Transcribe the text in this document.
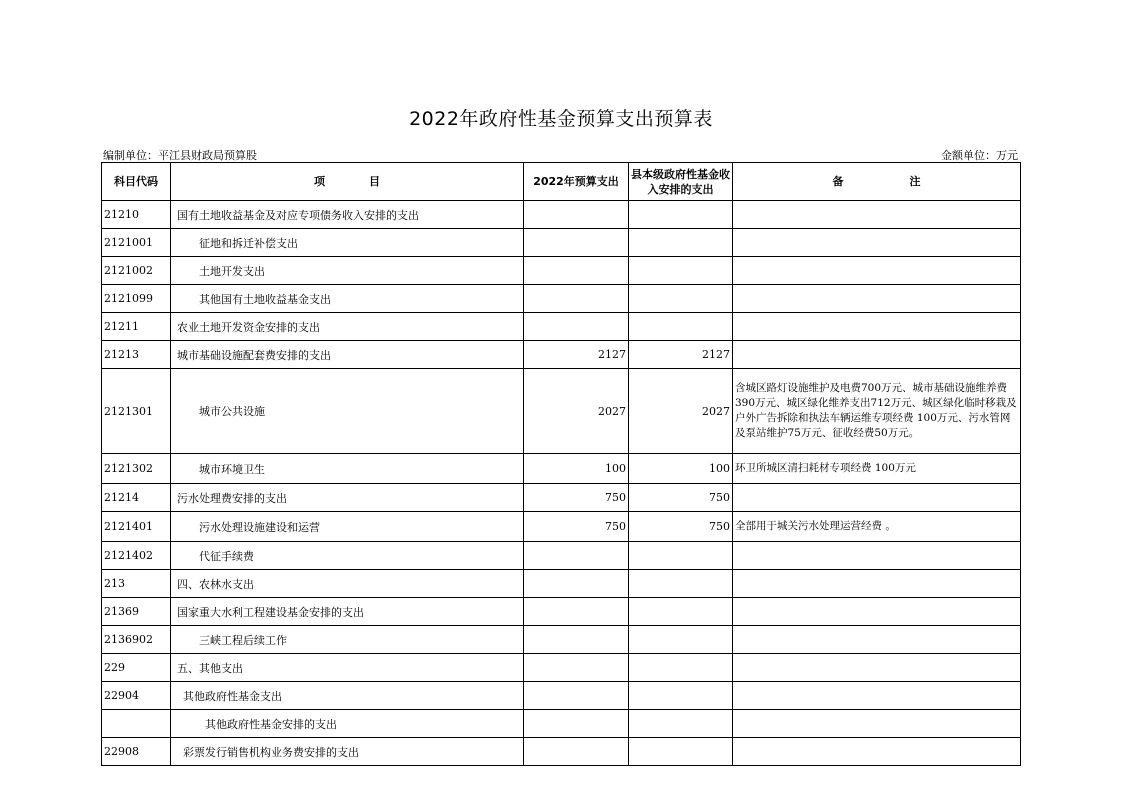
2022年政府性基金预算支出预算表
编制单位：平江县财政局预算股	金额单位：万元
科目代码	项　　　　目	2022年预算支出	县本级政府性基金收入安排的支出	备　　　　　　注
21210	国有土地收益基金及对应专项债务收入安排的支出			
2121001	征地和拆迁补偿支出			
2121002	土地开发支出			
2121099	其他国有土地收益基金支出			
21211	农业土地开发资金安排的支出			
21213	城市基础设施配套费安排的支出	2127	2127	
2121301	城市公共设施	2027	2027	含城区路灯设施维护及电费700万元、城市基础设施维养费390万元、城区绿化维养支出712万元、城区绿化临时移栽及户外广告拆除和执法车辆运维专项经费 100万元、污水管网及泵站维护75万元、征收经费50万元。
2121302	城市环境卫生	100	100	环卫所城区清扫耗材专项经费 100万元
21214	污水处理费安排的支出	750	750	
2121401	污水处理设施建设和运营	750	750	全部用于城关污水处理运营经费 。
2121402	代征手续费			
213	四、农林水支出			
21369	国家重大水利工程建设基金安排的支出			
2136902	三峡工程后续工作			
229	五、其他支出			
22904	其他政府性基金支出			
	其他政府性基金安排的支出			
22908	彩票发行销售机构业务费安排的支出			
